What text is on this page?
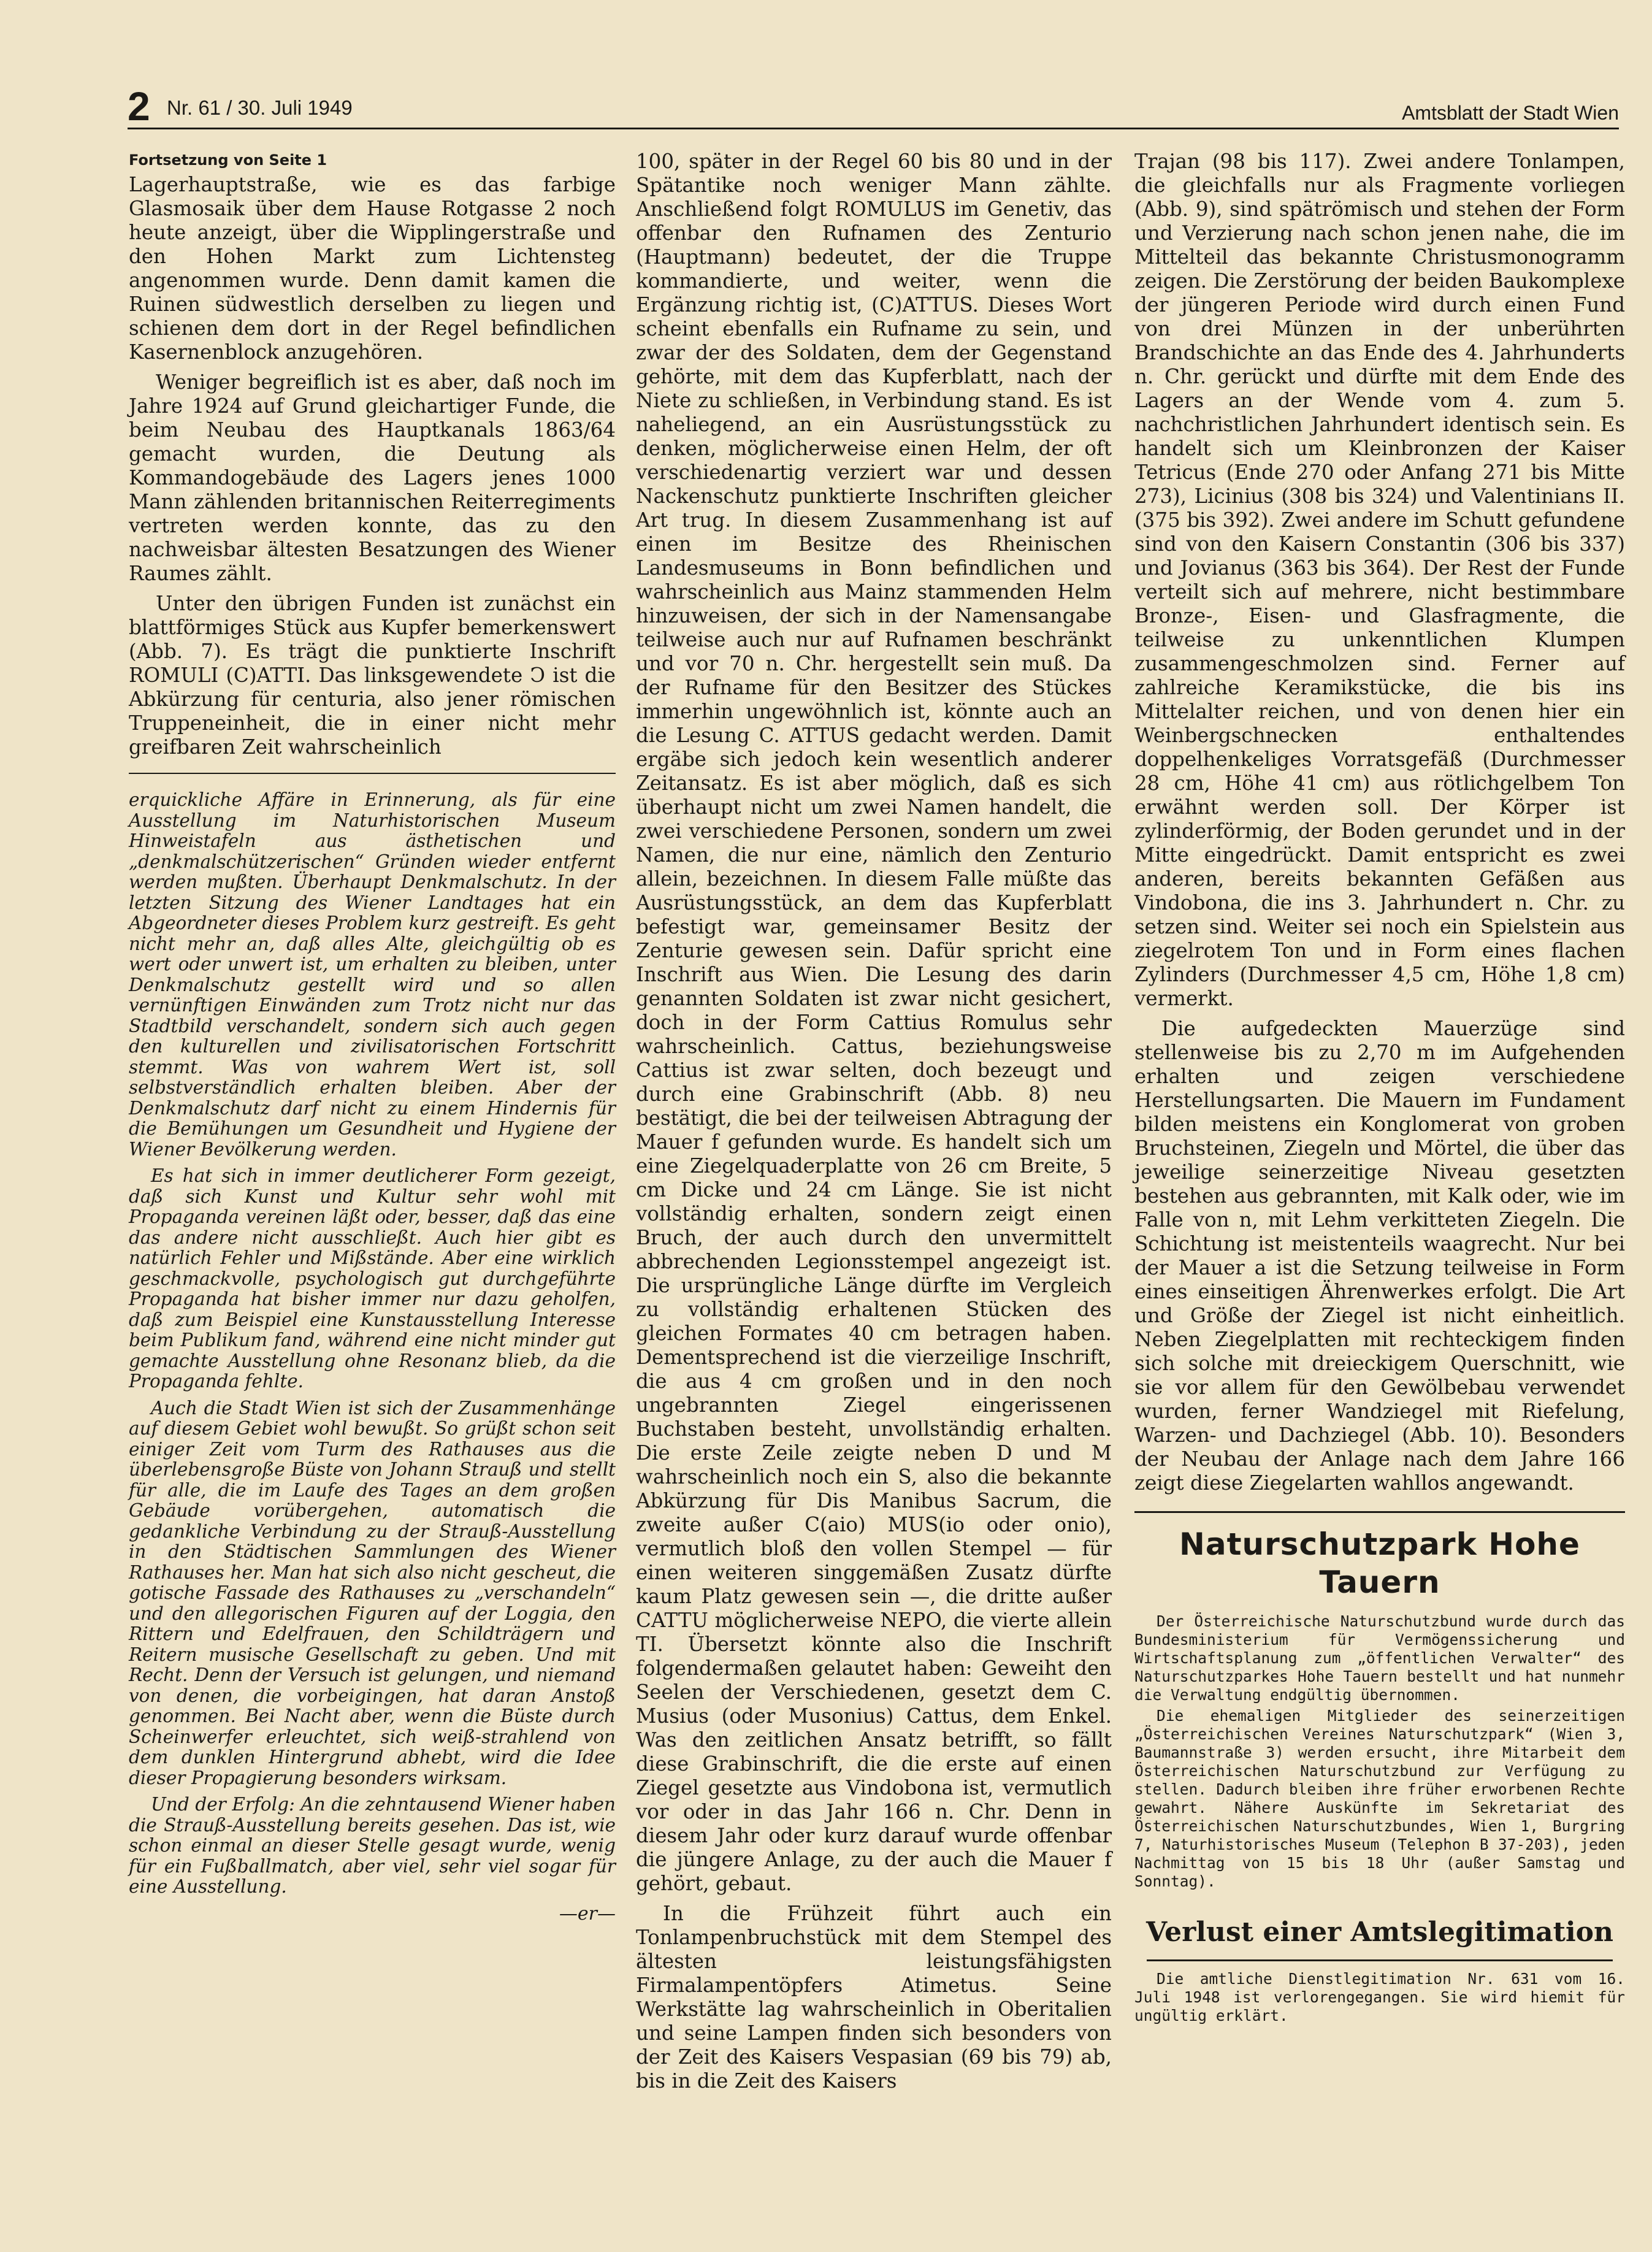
2 Nr. 61 / 30. Juli 1949	Amtsblatt der Stadt Wien
Fortsetzung von Seite 1

Lagerhauptstraße, wie es das farbige Glasmosaik über dem Hause Rotgasse 2 noch heute anzeigt, über die Wipplingerstraße und den Hohen Markt zum Lichtensteg angenommen wurde. Denn damit kamen die Ruinen südwestlich derselben zu liegen und schienen dem dort in der Regel befindlichen Kasernenblock anzugehören.

Weniger begreiflich ist es aber, daß noch im Jahre 1924 auf Grund gleichartiger Funde, die beim Neubau des Hauptkanals 1863/64 gemacht wurden, die Deutung als Kommandogebäude des Lagers jenes 1000 Mann zählenden britannischen Reiterregiments vertreten werden konnte, das zu den nachweisbar ältesten Besatzungen des Wiener Raumes zählt.

Unter den übrigen Funden ist zunächst ein blattförmiges Stück aus Kupfer bemerkenswert (Abb. 7). Es trägt die punktierte Inschrift ROMULI (C)ATTI. Das linksgewendete Ↄ ist die Abkürzung für centuria, also jener römischen Truppeneinheit, die in einer nicht mehr greifbaren Zeit wahrscheinlich

erquickliche Affäre in Erinnerung, als für eine Ausstellung im Naturhistorischen Museum Hinweistafeln aus ästhetischen und „denkmalschützerischen“ Gründen wieder entfernt werden mußten. Überhaupt Denkmalschutz. In der letzten Sitzung des Wiener Landtages hat ein Abgeordneter dieses Problem kurz gestreift. Es geht nicht mehr an, daß alles Alte, gleichgültig ob es wert oder unwert ist, um erhalten zu bleiben, unter Denkmalschutz gestellt wird und so allen vernünftigen Einwänden zum Trotz nicht nur das Stadtbild verschandelt, sondern sich auch gegen den kulturellen und zivilisatorischen Fortschritt stemmt. Was von wahrem Wert ist, soll selbstverständlich erhalten bleiben. Aber der Denkmalschutz darf nicht zu einem Hindernis für die Bemühungen um Gesundheit und Hygiene der Wiener Bevölkerung werden.

Es hat sich in immer deutlicherer Form gezeigt, daß sich Kunst und Kultur sehr wohl mit Propaganda vereinen läßt oder, besser, daß das eine das andere nicht ausschließt. Auch hier gibt es natürlich Fehler und Mißstände. Aber eine wirklich geschmackvolle, psychologisch gut durchgeführte Propaganda hat bisher immer nur dazu geholfen, daß zum Beispiel eine Kunstausstellung Interesse beim Publikum fand, während eine nicht minder gut gemachte Ausstellung ohne Resonanz blieb, da die Propaganda fehlte.

Auch die Stadt Wien ist sich der Zusammenhänge auf diesem Gebiet wohl bewußt. So grüßt schon seit einiger Zeit vom Turm des Rathauses aus die überlebensgroße Büste von Johann Strauß und stellt für alle, die im Laufe des Tages an dem großen Gebäude vorübergehen, automatisch die gedankliche Verbindung zu der Strauß-Ausstellung in den Städtischen Sammlungen des Wiener Rathauses her. Man hat sich also nicht gescheut, die gotische Fassade des Rathauses zu „verschandeln“ und den allegorischen Figuren auf der Loggia, den Rittern und Edelfrauen, den Schildträgern und Reitern musische Gesellschaft zu geben. Und mit Recht. Denn der Versuch ist gelungen, und niemand von denen, die vorbeigingen, hat daran Anstoß genommen. Bei Nacht aber, wenn die Büste durch Scheinwerfer erleuchtet, sich weiß-strahlend von dem dunklen Hintergrund abhebt, wird die Idee dieser Propagierung besonders wirksam.

Und der Erfolg: An die zehntausend Wiener haben die Strauß-Ausstellung bereits gesehen. Das ist, wie schon einmal an dieser Stelle gesagt wurde, wenig für ein Fußballmatch, aber viel, sehr viel sogar für eine Ausstellung.

—er—

100, später in der Regel 60 bis 80 und in der Spätantike noch weniger Mann zählte. Anschließend folgt ROMULUS im Genetiv, das offenbar den Rufnamen des Zenturio (Hauptmann) bedeutet, der die Truppe kommandierte, und weiter, wenn die Ergänzung richtig ist, (C)ATTUS. Dieses Wort scheint ebenfalls ein Rufname zu sein, und zwar der des Soldaten, dem der Gegenstand gehörte, mit dem das Kupferblatt, nach der Niete zu schließen, in Verbindung stand. Es ist naheliegend, an ein Ausrüstungsstück zu denken, möglicherweise einen Helm, der oft verschiedenartig verziert war und dessen Nackenschutz punktierte Inschriften gleicher Art trug. In diesem Zusammenhang ist auf einen im Besitze des Rheinischen Landesmuseums in Bonn befindlichen und wahrscheinlich aus Mainz stammenden Helm hinzuweisen, der sich in der Namensangabe teilweise auch nur auf Rufnamen beschränkt und vor 70 n. Chr. hergestellt sein muß. Da der Rufname für den Besitzer des Stückes immerhin ungewöhnlich ist, könnte auch an die Lesung C. ATTUS gedacht werden. Damit ergäbe sich jedoch kein wesentlich anderer Zeitansatz. Es ist aber möglich, daß es sich überhaupt nicht um zwei Namen handelt, die zwei verschiedene Personen, sondern um zwei Namen, die nur eine, nämlich den Zenturio allein, bezeichnen. In diesem Falle müßte das Ausrüstungsstück, an dem das Kupferblatt befestigt war, gemeinsamer Besitz der Zenturie gewesen sein. Dafür spricht eine Inschrift aus Wien. Die Lesung des darin genannten Soldaten ist zwar nicht gesichert, doch in der Form Cattius Romulus sehr wahrscheinlich. Cattus, beziehungsweise Cattius ist zwar selten, doch bezeugt und durch eine Grabinschrift (Abb. 8) neu bestätigt, die bei der teilweisen Abtragung der Mauer f gefunden wurde. Es handelt sich um eine Ziegelquaderplatte von 26 cm Breite, 5 cm Dicke und 24 cm Länge. Sie ist nicht vollständig erhalten, sondern zeigt einen Bruch, der auch durch den unvermittelt abbrechenden Legionsstempel angezeigt ist. Die ursprüngliche Länge dürfte im Vergleich zu vollständig erhaltenen Stücken des gleichen Formates 40 cm betragen haben. Dementsprechend ist die vierzeilige Inschrift, die aus 4 cm großen und in den noch ungebrannten Ziegel eingerissenen Buchstaben besteht, unvollständig erhalten. Die erste Zeile zeigte neben D und M wahrscheinlich noch ein S, also die bekannte Abkürzung für Dis Manibus Sacrum, die zweite außer C(aio) MUS(io oder onio), vermutlich bloß den vollen Stempel — für einen weiteren singgemäßen Zusatz dürfte kaum Platz gewesen sein —, die dritte außer CATTU möglicherweise NEPO, die vierte allein TI. Übersetzt könnte also die Inschrift folgendermaßen gelautet haben: Geweiht den Seelen der Verschiedenen, gesetzt dem C. Musius (oder Musonius) Cattus, dem Enkel. Was den zeitlichen Ansatz betrifft, so fällt diese Grabinschrift, die die erste auf einen Ziegel gesetzte aus Vindobona ist, vermutlich vor oder in das Jahr 166 n. Chr. Denn in diesem Jahr oder kurz darauf wurde offenbar die jüngere Anlage, zu der auch die Mauer f gehört, gebaut.

In die Frühzeit führt auch ein Tonlampenbruchstück mit dem Stempel des ältesten leistungsfähigsten Firmalampentöpfers Atimetus. Seine Werkstätte lag wahrscheinlich in Oberitalien und seine Lampen finden sich besonders von der Zeit des Kaisers Vespasian (69 bis 79) ab, bis in die Zeit des Kaisers

Trajan (98 bis 117). Zwei andere Tonlampen, die gleichfalls nur als Fragmente vorliegen (Abb. 9), sind spätrömisch und stehen der Form und Verzierung nach schon jenen nahe, die im Mittelteil das bekannte Christusmonogramm zeigen. Die Zerstörung der beiden Baukomplexe der jüngeren Periode wird durch einen Fund von drei Münzen in der unberührten Brandschichte an das Ende des 4. Jahrhunderts n. Chr. gerückt und dürfte mit dem Ende des Lagers an der Wende vom 4. zum 5. nachchristlichen Jahrhundert identisch sein. Es handelt sich um Kleinbronzen der Kaiser Tetricus (Ende 270 oder Anfang 271 bis Mitte 273), Licinius (308 bis 324) und Valentinians II. (375 bis 392). Zwei andere im Schutt gefundene sind von den Kaisern Constantin (306 bis 337) und Jovianus (363 bis 364). Der Rest der Funde verteilt sich auf mehrere, nicht bestimmbare Bronze-, Eisen- und Glasfragmente, die teilweise zu unkenntlichen Klumpen zusammengeschmolzen sind. Ferner auf zahlreiche Keramikstücke, die bis ins Mittelalter reichen, und von denen hier ein Weinbergschnecken enthaltendes doppelhenkeliges Vorratsgefäß (Durchmesser 28 cm, Höhe 41 cm) aus rötlichgelbem Ton erwähnt werden soll. Der Körper ist zylinderförmig, der Boden gerundet und in der Mitte eingedrückt. Damit entspricht es zwei anderen, bereits bekannten Gefäßen aus Vindobona, die ins 3. Jahrhundert n. Chr. zu setzen sind. Weiter sei noch ein Spielstein aus ziegelrotem Ton und in Form eines flachen Zylinders (Durchmesser 4,5 cm, Höhe 1,8 cm) vermerkt.

Die aufgedeckten Mauerzüge sind stellenweise bis zu 2,70 m im Aufgehenden erhalten und zeigen verschiedene Herstellungsarten. Die Mauern im Fundament bilden meistens ein Konglomerat von groben Bruchsteinen, Ziegeln und Mörtel, die über das jeweilige seinerzeitige Niveau gesetzten bestehen aus gebrannten, mit Kalk oder, wie im Falle von n, mit Lehm verkitteten Ziegeln. Die Schichtung ist meistenteils waagrecht. Nur bei der Mauer a ist die Setzung teilweise in Form eines einseitigen Ährenwerkes erfolgt. Die Art und Größe der Ziegel ist nicht einheitlich. Neben Ziegelplatten mit rechteckigem finden sich solche mit dreieckigem Querschnitt, wie sie vor allem für den Gewölbebau verwendet wurden, ferner Wandziegel mit Riefelung, Warzen- und Dachziegel (Abb. 10). Besonders der Neubau der Anlage nach dem Jahre 166 zeigt diese Ziegelarten wahllos angewandt.

Naturschutzpark Hohe Tauern

Der Österreichische Naturschutzbund wurde durch das Bundesministerium für Vermögenssicherung und Wirtschaftsplanung zum „öffentlichen Verwalter“ des Naturschutzparkes Hohe Tauern bestellt und hat nunmehr die Verwaltung endgültig übernommen.

Die ehemaligen Mitglieder des seinerzeitigen „Österreichischen Vereines Naturschutzpark“ (Wien 3, Baumannstraße 3) werden ersucht, ihre Mitarbeit dem Österreichischen Naturschutzbund zur Verfügung zu stellen. Dadurch bleiben ihre früher erworbenen Rechte gewahrt. Nähere Auskünfte im Sekretariat des Österreichischen Naturschutzbundes, Wien 1, Burgring 7, Naturhistorisches Museum (Telephon B 37-203), jeden Nachmittag von 15 bis 18 Uhr (außer Samstag und Sonntag).

Verlust einer Amtslegitimation

Die amtliche Dienstlegitimation Nr. 631 vom 16. Juli 1948 ist verlorengegangen. Sie wird hiemit für ungültig erklärt.
